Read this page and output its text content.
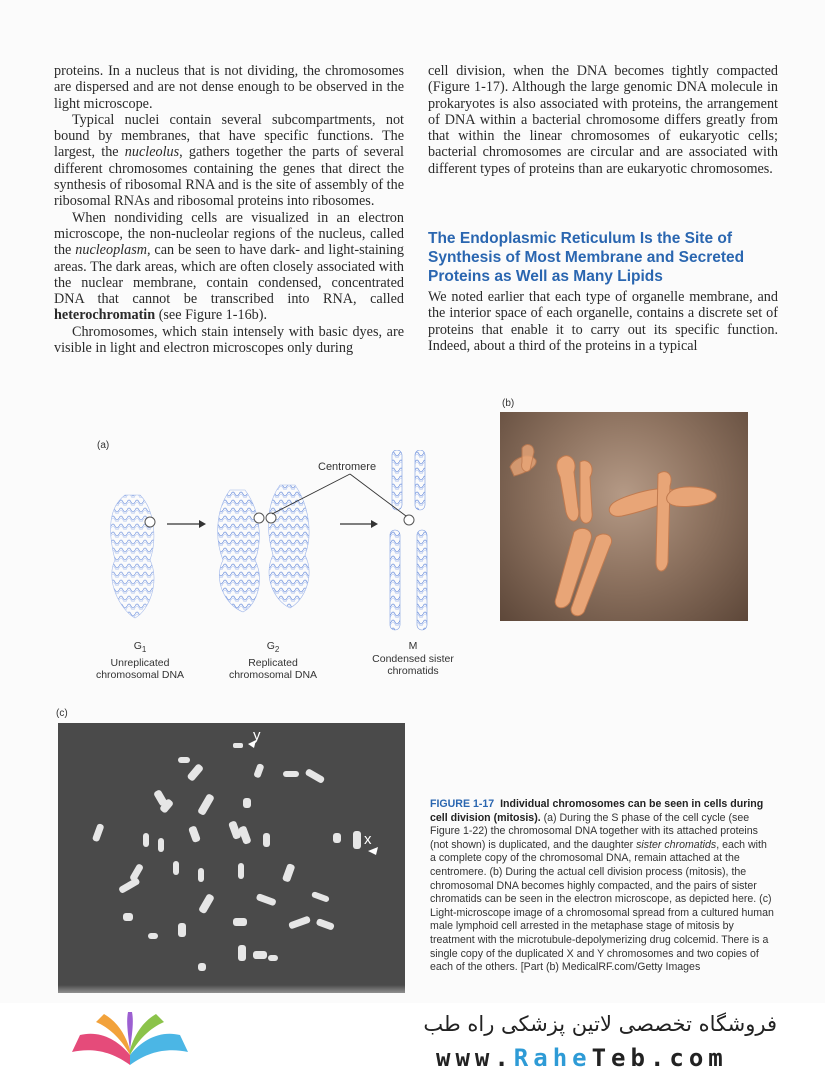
proteins. In a nucleus that is not dividing, the chromosomes are dispersed and are not dense enough to be observed in the light microscope.

Typical nuclei contain several subcompartments, not bound by membranes, that have specific functions. The largest, the nucleolus, gathers together the parts of several different chromosomes containing the genes that direct the synthesis of ribosomal RNA and is the site of assembly of the ribosomal RNAs and ribosomal proteins into ribosomes.

When nondividing cells are visualized in an electron microscope, the non-nucleolar regions of the nucleus, called the nucleoplasm, can be seen to have dark- and light-staining areas. The dark areas, which are often closely associated with the nuclear membrane, contain condensed, concentrated DNA that cannot be transcribed into RNA, called heterochromatin (see Figure 1-16b).

Chromosomes, which stain intensely with basic dyes, are visible in light and electron microscopes only during

cell division, when the DNA becomes tightly compacted (Figure 1-17). Although the large genomic DNA molecule in prokaryotes is also associated with proteins, the arrangement of DNA within a bacterial chromosome differs greatly from that within the linear chromosomes of eukaryotic cells; bacterial chromosomes are circular and are associated with different types of proteins than are eukaryotic chromosomes.

The Endoplasmic Reticulum Is the Site of Synthesis of Most Membrane and Secreted Proteins as Well as Many Lipids

We noted earlier that each type of organelle membrane, and the interior space of each organelle, contains a discrete set of proteins that enable it to carry out its specific function. Indeed, about a third of the proteins in a typical

(a)
Centromere
$G_1$
Unreplicated chromosomal DNA
$G_2$
Replicated chromosomal DNA
M
Condensed sister chromatids
(b)
(c)
y
x
FIGURE 1-17 Individual chromosomes can be seen in cells during cell division (mitosis). (a) During the S phase of the cell cycle (see Figure 1-22) the chromosomal DNA together with its attached proteins (not shown) is duplicated, and the daughter sister chromatids, each with a complete copy of the chromosomal DNA, remain attached at the centromere. (b) During the actual cell division process (mitosis), the chromosomal DNA becomes highly compacted, and the pairs of sister chromatids can be seen in the electron microscope, as depicted here. (c) Light-microscope image of a chromosomal spread from a cultured human male lymphoid cell arrested in the metaphase stage of mitosis by treatment with the microtubule-depolymerizing drug colcemid. There is a single copy of the duplicated X and Y chromosomes and two copies of each of the others. [Part (b) MedicalRF.com/Getty Images
فروشگاه تخصصی لاتین پزشکی راه طب
www.RaheTeb.com
